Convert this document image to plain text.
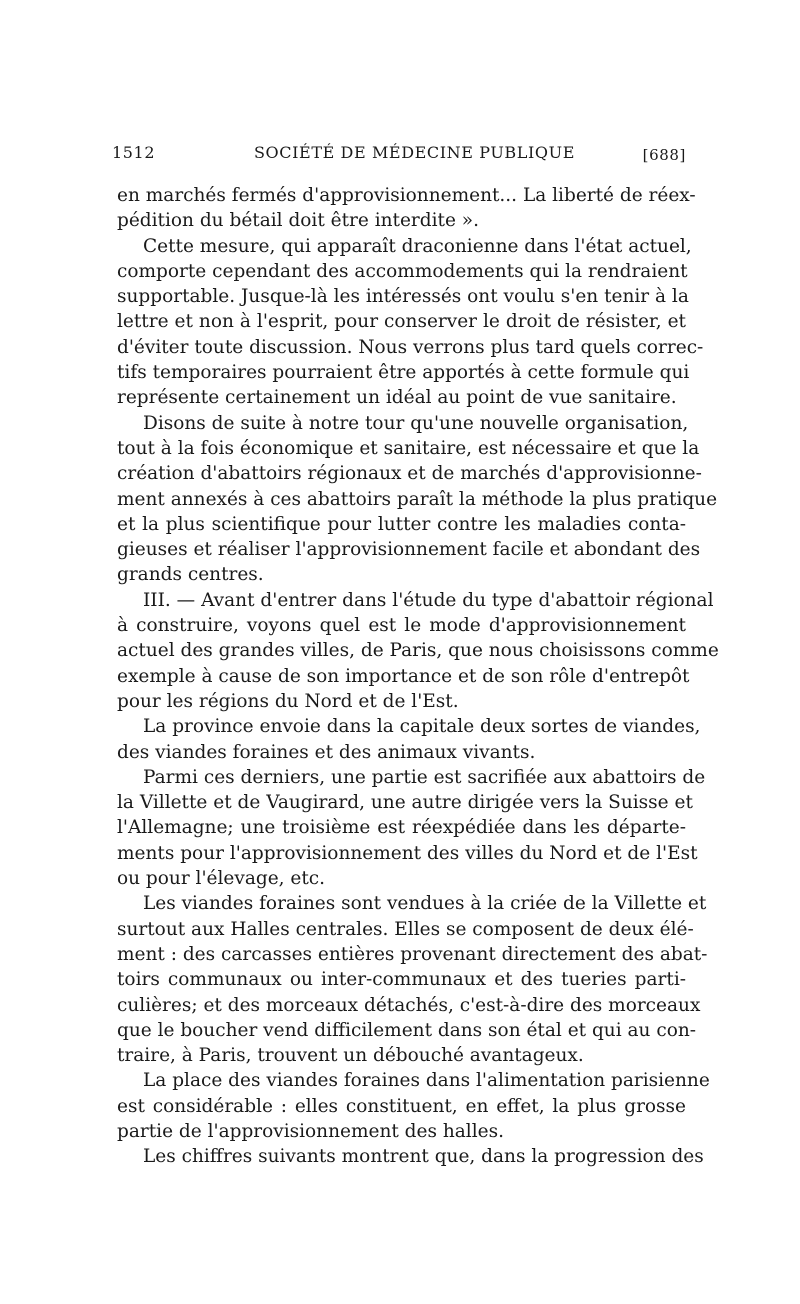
1512	SOCIÉTÉ DE MÉDECINE PUBLIQUE	[688]
en marchés fermés d'approvisionnement... La liberté de réex-
pédition du bétail doit être interdite ».
Cette mesure, qui apparaît draconienne dans l'état actuel,
comporte cependant des accommodements qui la rendraient
supportable. Jusque-là les intéressés ont voulu s'en tenir à la
lettre et non à l'esprit, pour conserver le droit de résister, et
d'éviter toute discussion. Nous verrons plus tard quels correc-
tifs temporaires pourraient être apportés à cette formule qui
représente certainement un idéal au point de vue sanitaire.
Disons de suite à notre tour qu'une nouvelle organisation,
tout à la fois économique et sanitaire, est nécessaire et que la
création d'abattoirs régionaux et de marchés d'approvisionne-
ment annexés à ces abattoirs paraît la méthode la plus pratique
et la plus scientifique pour lutter contre les maladies conta-
gieuses et réaliser l'approvisionnement facile et abondant des
grands centres.
III. — Avant d'entrer dans l'étude du type d'abattoir régional
à construire, voyons quel est le mode d'approvisionnement
actuel des grandes villes, de Paris, que nous choisissons comme
exemple à cause de son importance et de son rôle d'entrepôt
pour les régions du Nord et de l'Est.
La province envoie dans la capitale deux sortes de viandes,
des viandes foraines et des animaux vivants.
Parmi ces derniers, une partie est sacrifiée aux abattoirs de
la Villette et de Vaugirard, une autre dirigée vers la Suisse et
l'Allemagne; une troisième est réexpédiée dans les départe-
ments pour l'approvisionnement des villes du Nord et de l'Est
ou pour l'élevage, etc.
Les viandes foraines sont vendues à la criée de la Villette et
surtout aux Halles centrales. Elles se composent de deux élé-
ment : des carcasses entières provenant directement des abat-
toirs communaux ou inter-communaux et des tueries parti-
culières; et des morceaux détachés, c'est-à-dire des morceaux
que le boucher vend difficilement dans son étal et qui au con-
traire, à Paris, trouvent un débouché avantageux.
La place des viandes foraines dans l'alimentation parisienne
est considérable : elles constituent, en effet, la plus grosse
partie de l'approvisionnement des halles.
Les chiffres suivants montrent que, dans la progression des
